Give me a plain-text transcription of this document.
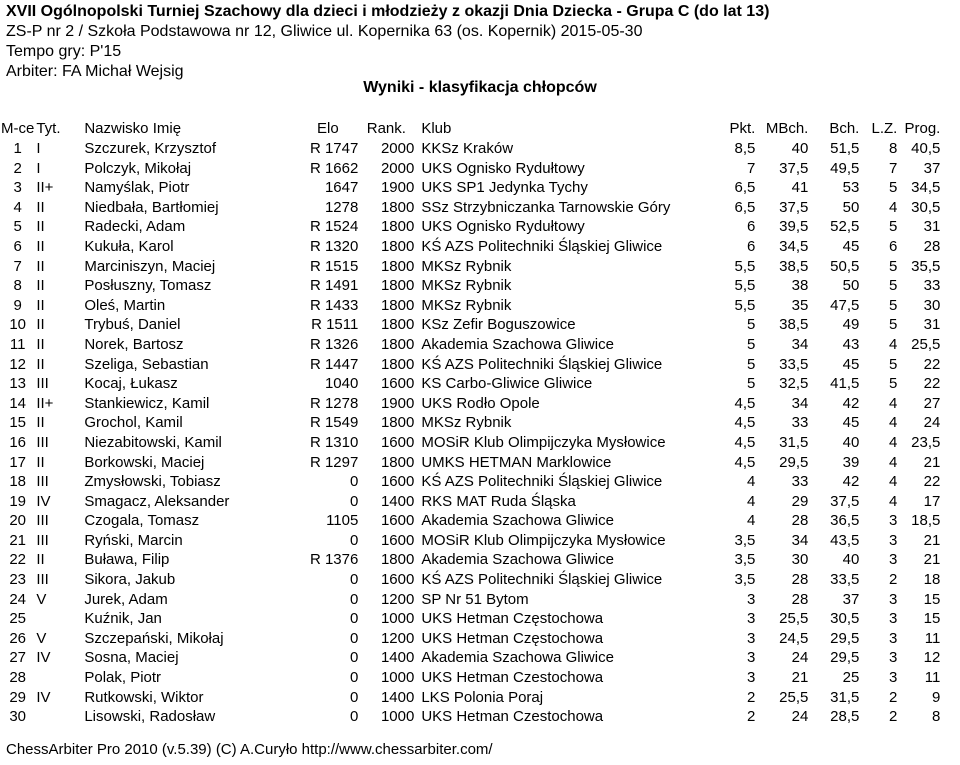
XVII Ogólnopolski Turniej Szachowy dla dzieci i młodzieży z okazji Dnia Dziecka - Grupa C (do lat 13)
ZS-P nr 2 / Szkoła Podstawowa nr 12, Gliwice ul. Kopernika 63 (os. Kopernik) 2015-05-30
Tempo gry: P'15
Arbiter: FA Michał Wejsig
Wyniki - klasyfikacja chłopców
M-ce	Tyt.	Nazwisko Imię	Elo	Rank.	Klub	Pkt.	MBch.	Bch.	L.Z.	Prog.
1	I	Szczurek, Krzysztof	R 1747	2000	KKSz Kraków	8,5	40	51,5	8	40,5
2	I	Polczyk, Mikołaj	R 1662	2000	UKS Ognisko Rydułtowy	7	37,5	49,5	7	37
3	II+	Namyślak, Piotr	1647	1900	UKS SP1 Jedynka Tychy	6,5	41	53	5	34,5
4	II	Niedbała, Bartłomiej	1278	1800	SSz Strzybniczanka Tarnowskie Góry	6,5	37,5	50	4	30,5
5	II	Radecki, Adam	R 1524	1800	UKS Ognisko Rydułtowy	6	39,5	52,5	5	31
6	II	Kukuła, Karol	R 1320	1800	KŚ AZS Politechniki Śląskiej Gliwice	6	34,5	45	6	28
7	II	Marciniszyn, Maciej	R 1515	1800	MKSz Rybnik	5,5	38,5	50,5	5	35,5
8	II	Posłuszny, Tomasz	R 1491	1800	MKSz Rybnik	5,5	38	50	5	33
9	II	Oleś, Martin	R 1433	1800	MKSz Rybnik	5,5	35	47,5	5	30
10	II	Trybuś, Daniel	R 1511	1800	KSz Zefir Boguszowice	5	38,5	49	5	31
11	II	Norek, Bartosz	R 1326	1800	Akademia Szachowa Gliwice	5	34	43	4	25,5
12	II	Szeliga, Sebastian	R 1447	1800	KŚ AZS Politechniki Śląskiej Gliwice	5	33,5	45	5	22
13	III	Kocaj, Łukasz	1040	1600	KS Carbo-Gliwice Gliwice	5	32,5	41,5	5	22
14	II+	Stankiewicz, Kamil	R 1278	1900	UKS Rodło Opole	4,5	34	42	4	27
15	II	Grochol, Kamil	R 1549	1800	MKSz Rybnik	4,5	33	45	4	24
16	III	Niezabitowski, Kamil	R 1310	1600	MOSiR Klub Olimpijczyka Mysłowice	4,5	31,5	40	4	23,5
17	II	Borkowski, Maciej	R 1297	1800	UMKS HETMAN Marklowice	4,5	29,5	39	4	21
18	III	Zmysłowski, Tobiasz	0	1600	KŚ AZS Politechniki Śląskiej Gliwice	4	33	42	4	22
19	IV	Smagacz, Aleksander	0	1400	RKS MAT Ruda Śląska	4	29	37,5	4	17
20	III	Czogala, Tomasz	1105	1600	Akademia Szachowa Gliwice	4	28	36,5	3	18,5
21	III	Ryński, Marcin	0	1600	MOSiR Klub Olimpijczyka Mysłowice	3,5	34	43,5	3	21
22	II	Buława, Filip	R 1376	1800	Akademia Szachowa Gliwice	3,5	30	40	3	21
23	III	Sikora, Jakub	0	1600	KŚ AZS Politechniki Śląskiej Gliwice	3,5	28	33,5	2	18
24	V	Jurek, Adam	0	1200	SP Nr 51 Bytom	3	28	37	3	15
25		Kuźnik, Jan	0	1000	UKS Hetman Częstochowa	3	25,5	30,5	3	15
26	V	Szczepański, Mikołaj	0	1200	UKS Hetman Częstochowa	3	24,5	29,5	3	11
27	IV	Sosna, Maciej	0	1400	Akademia Szachowa Gliwice	3	24	29,5	3	12
28		Polak, Piotr	0	1000	UKS Hetman Czestochowa	3	21	25	3	11
29	IV	Rutkowski, Wiktor	0	1400	LKS Polonia Poraj	2	25,5	31,5	2	9
30		Lisowski, Radosław	0	1000	UKS Hetman Czestochowa	2	24	28,5	2	8
ChessArbiter Pro 2010 (v.5.39) (C) A.Curyło http://www.chessarbiter.com/
